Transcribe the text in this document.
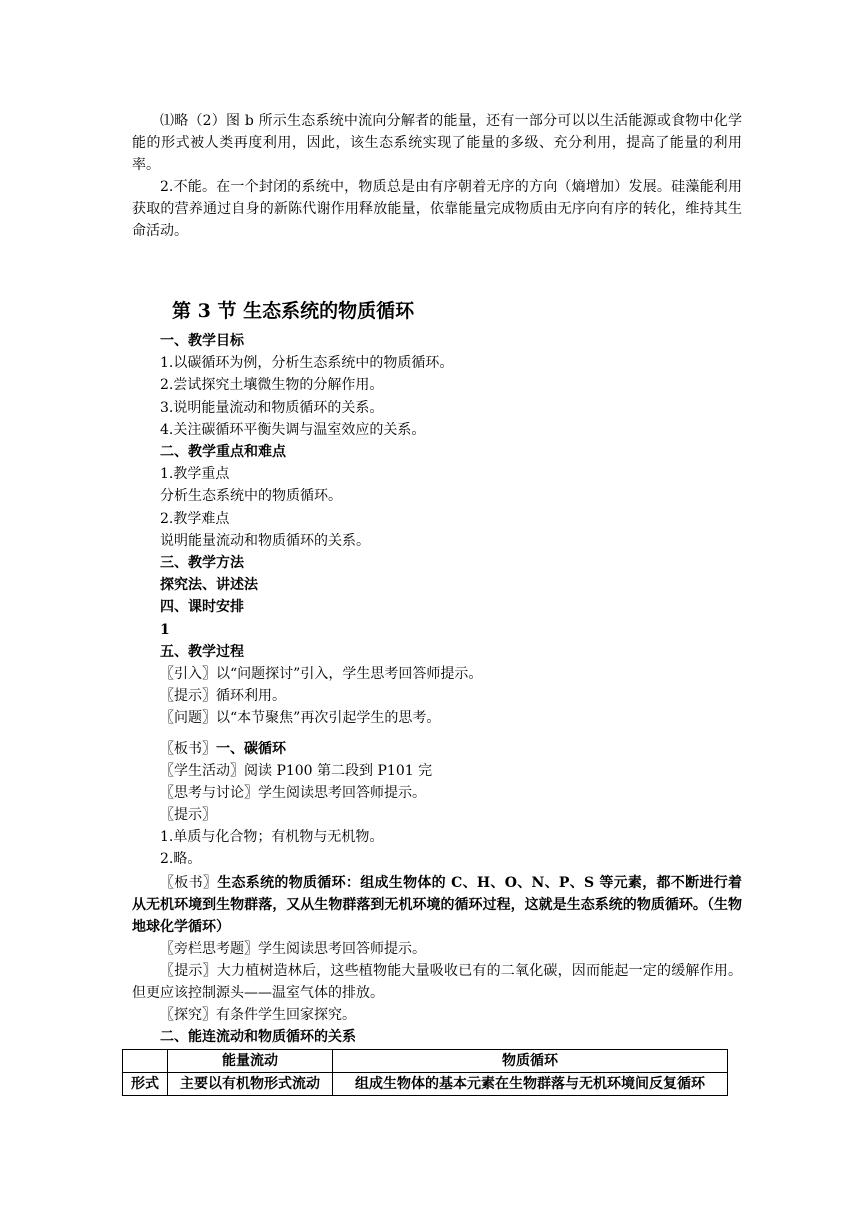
⑴略（2）图 b 所示生态系统中流向分解者的能量，还有一部分可以以生活能源或食物中化学能的形式被人类再度利用，因此，该生态系统实现了能量的多级、充分利用，提高了能量的利用率。

2.不能。在一个封闭的系统中，物质总是由有序朝着无序的方向（熵增加）发展。硅藻能利用获取的营养通过自身的新陈代谢作用释放能量，依靠能量完成物质由无序向有序的转化，维持其生命活动。

第 3 节 生态系统的物质循环

一、教学目标

1.以碳循环为例，分析生态系统中的物质循环。

2.尝试探究土壤微生物的分解作用。

3.说明能量流动和物质循环的关系。

4.关注碳循环平衡失调与温室效应的关系。

二、教学重点和难点

1.教学重点

分析生态系统中的物质循环。

2.教学难点

说明能量流动和物质循环的关系。

三、教学方法

探究法、讲述法

四、课时安排

1

五、教学过程

〖引入〗以“问题探讨”引入，学生思考回答师提示。

〖提示〗循环利用。

〖问题〗以“本节聚焦”再次引起学生的思考。

〖板书〗一、碳循环

〖学生活动〗阅读 P100 第二段到 P101 完

〖思考与讨论〗学生阅读思考回答师提示。

〖提示〗

1.单质与化合物；有机物与无机物。

2.略。

〖板书〗生态系统的物质循环：组成生物体的 C、H、O、N、P、S 等元素，都不断进行着从无机环境到生物群落，又从生物群落到无机环境的循环过程，这就是生态系统的物质循环。（生物地球化学循环）

〖旁栏思考题〗学生阅读思考回答师提示。

〖提示〗大力植树造林后，这些植物能大量吸收已有的二氧化碳，因而能起一定的缓解作用。但更应该控制源头——温室气体的排放。

〖探究〗有条件学生回家探究。

二、能连流动和物质循环的关系

	能量流动	物质循环
形式	主要以有机物形式流动	组成生物体的基本元素在生物群落与无机环境间反复循环
